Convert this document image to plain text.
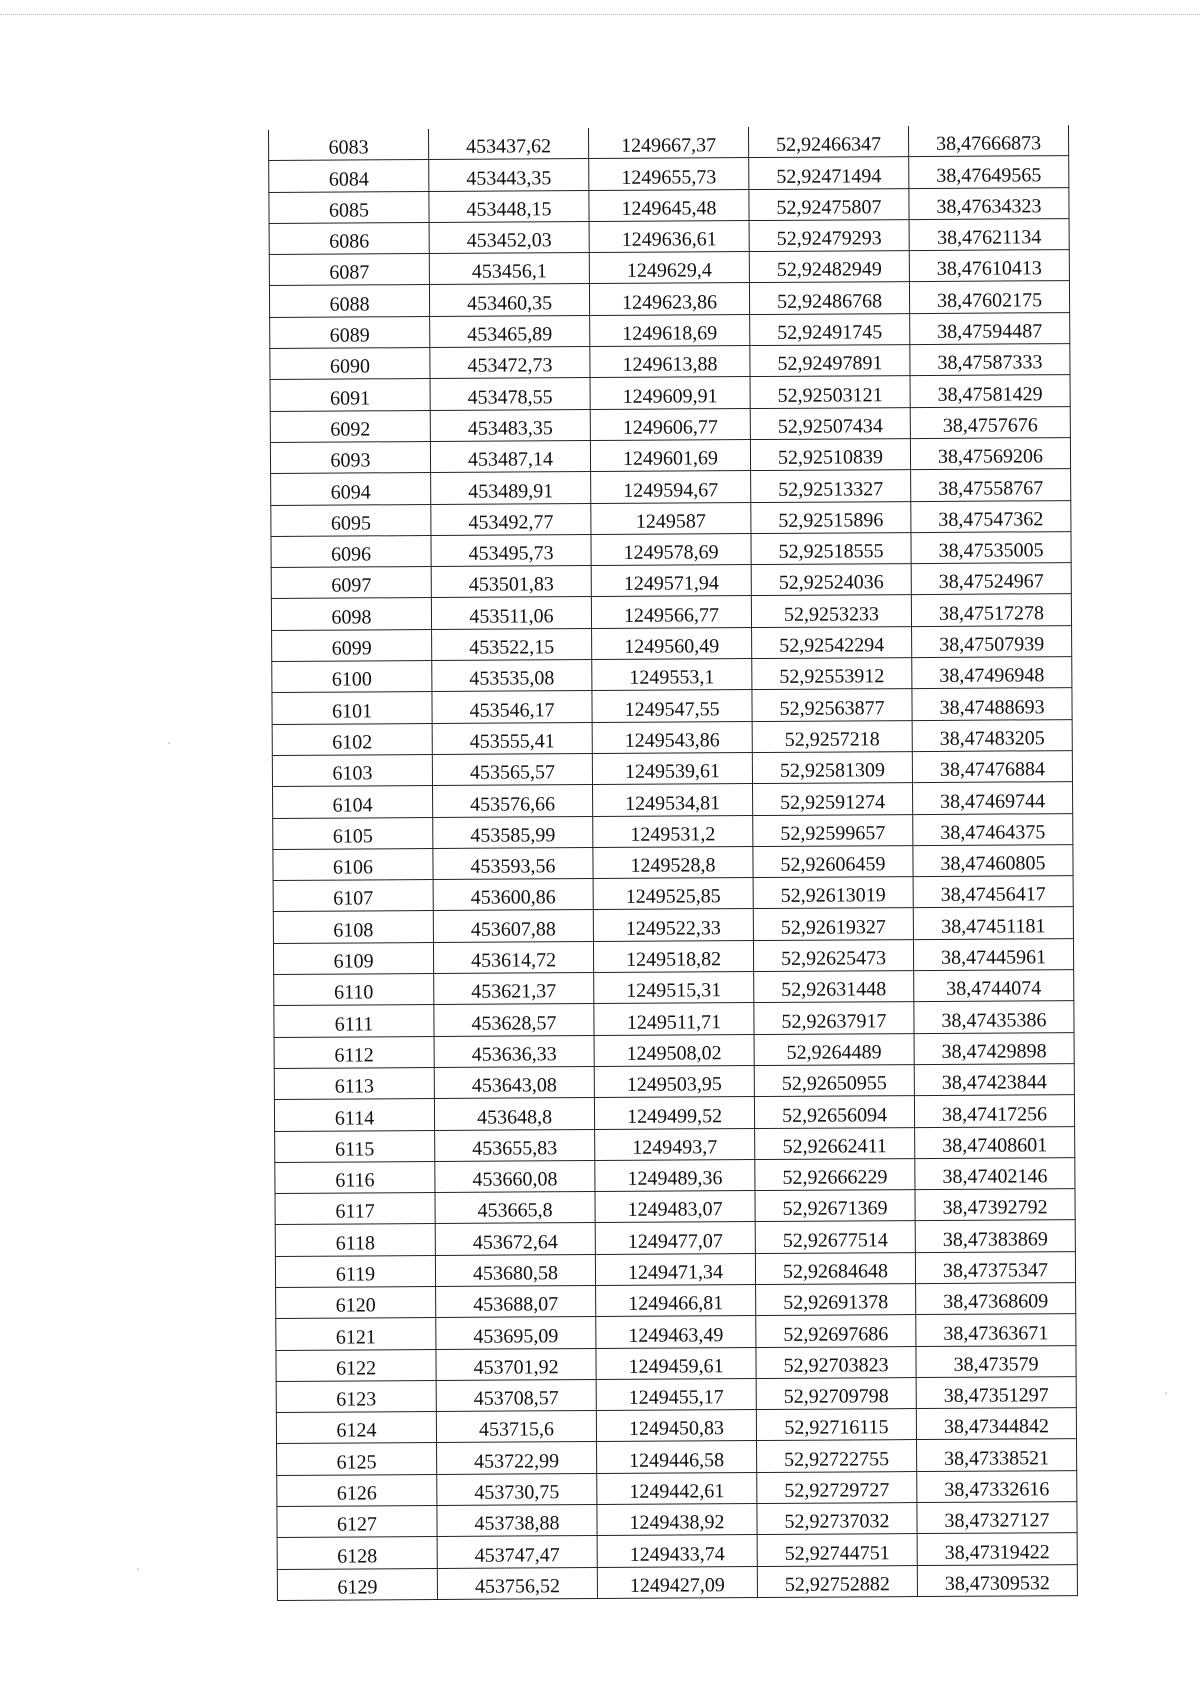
6083	453437,62	1249667,37	52,92466347	38,47666873
6084	453443,35	1249655,73	52,92471494	38,47649565
6085	453448,15	1249645,48	52,92475807	38,47634323
6086	453452,03	1249636,61	52,92479293	38,47621134
6087	453456,1	1249629,4	52,92482949	38,47610413
6088	453460,35	1249623,86	52,92486768	38,47602175
6089	453465,89	1249618,69	52,92491745	38,47594487
6090	453472,73	1249613,88	52,92497891	38,47587333
6091	453478,55	1249609,91	52,92503121	38,47581429
6092	453483,35	1249606,77	52,92507434	38,4757676
6093	453487,14	1249601,69	52,92510839	38,47569206
6094	453489,91	1249594,67	52,92513327	38,47558767
6095	453492,77	1249587	52,92515896	38,47547362
6096	453495,73	1249578,69	52,92518555	38,47535005
6097	453501,83	1249571,94	52,92524036	38,47524967
6098	453511,06	1249566,77	52,9253233	38,47517278
6099	453522,15	1249560,49	52,92542294	38,47507939
6100	453535,08	1249553,1	52,92553912	38,47496948
6101	453546,17	1249547,55	52,92563877	38,47488693
6102	453555,41	1249543,86	52,9257218	38,47483205
6103	453565,57	1249539,61	52,92581309	38,47476884
6104	453576,66	1249534,81	52,92591274	38,47469744
6105	453585,99	1249531,2	52,92599657	38,47464375
6106	453593,56	1249528,8	52,92606459	38,47460805
6107	453600,86	1249525,85	52,92613019	38,47456417
6108	453607,88	1249522,33	52,92619327	38,47451181
6109	453614,72	1249518,82	52,92625473	38,47445961
6110	453621,37	1249515,31	52,92631448	38,4744074
6111	453628,57	1249511,71	52,92637917	38,47435386
6112	453636,33	1249508,02	52,9264489	38,47429898
6113	453643,08	1249503,95	52,92650955	38,47423844
6114	453648,8	1249499,52	52,92656094	38,47417256
6115	453655,83	1249493,7	52,92662411	38,47408601
6116	453660,08	1249489,36	52,92666229	38,47402146
6117	453665,8	1249483,07	52,92671369	38,47392792
6118	453672,64	1249477,07	52,92677514	38,47383869
6119	453680,58	1249471,34	52,92684648	38,47375347
6120	453688,07	1249466,81	52,92691378	38,47368609
6121	453695,09	1249463,49	52,92697686	38,47363671
6122	453701,92	1249459,61	52,92703823	38,473579
6123	453708,57	1249455,17	52,92709798	38,47351297
6124	453715,6	1249450,83	52,92716115	38,47344842
6125	453722,99	1249446,58	52,92722755	38,47338521
6126	453730,75	1249442,61	52,92729727	38,47332616
6127	453738,88	1249438,92	52,92737032	38,47327127
6128	453747,47	1249433,74	52,92744751	38,47319422
6129	453756,52	1249427,09	52,92752882	38,47309532
